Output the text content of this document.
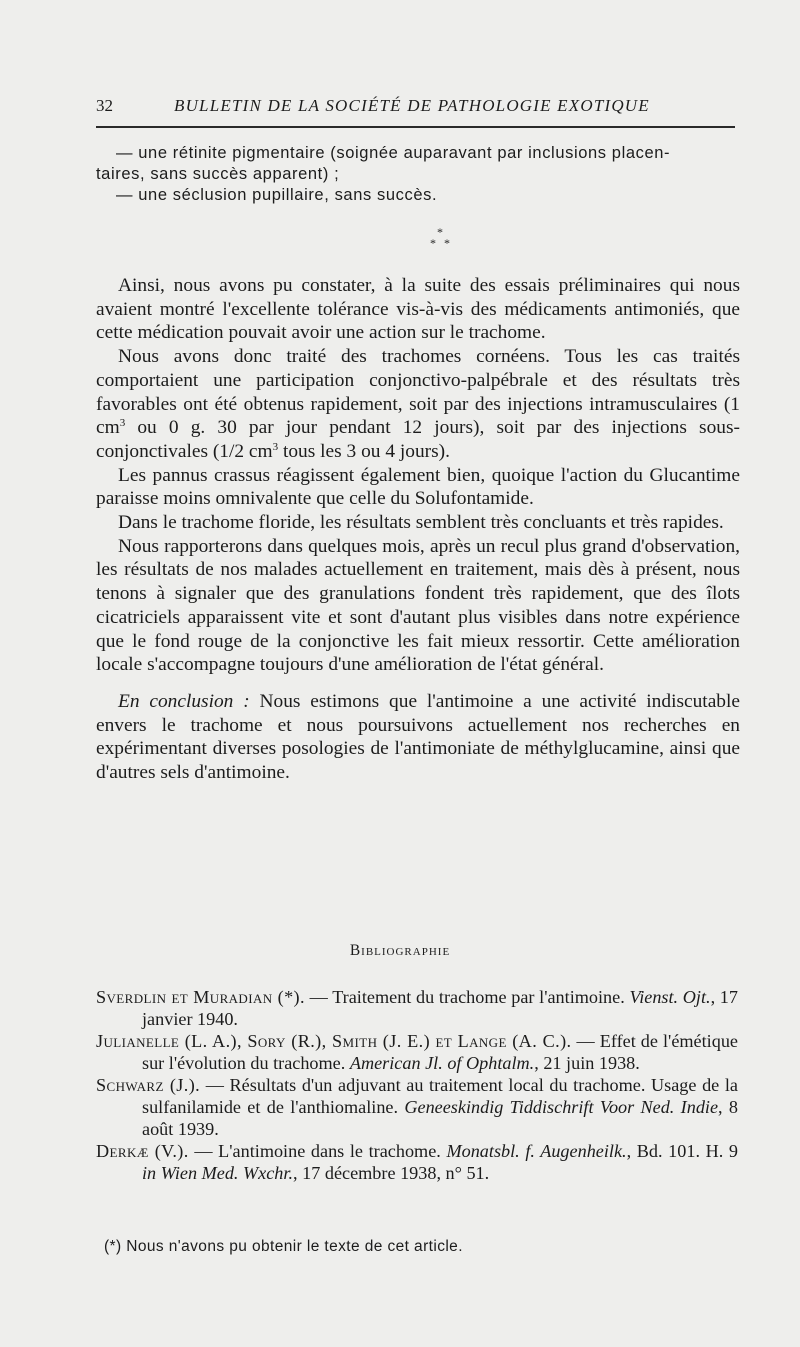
32	BULLETIN DE LA SOCIÉTÉ DE PATHOLOGIE EXOTIQUE

— une rétinite pigmentaire (soignée auparavant par inclusions placen-

taires, sans succès apparent) ;

— une séclusion pupillaire, sans succès.

*
* *

Ainsi, nous avons pu constater, à la suite des essais préliminaires qui nous avaient montré l'excellente tolérance vis-à-vis des médicaments antimoniés, que cette médication pouvait avoir une action sur le trachome.

Nous avons donc traité des trachomes cornéens. Tous les cas traités comportaient une participation conjonctivo-palpébrale et des résultats très favorables ont été obtenus rapidement, soit par des injections intramusculaires (1 $cm^3$ ou 0 g. 30 par jour pendant 12 jours), soit par des injections sous-conjonctivales (1/2 $cm^3$ tous les 3 ou 4 jours).

Les pannus crassus réagissent également bien, quoique l'action du Glucantime paraisse moins omnivalente que celle du Solufontamide.

Dans le trachome floride, les résultats semblent très concluants et très rapides.

Nous rapporterons dans quelques mois, après un recul plus grand d'observation, les résultats de nos malades actuellement en traitement, mais dès à présent, nous tenons à signaler que des granulations fondent très rapidement, que des îlots cicatriciels apparaissent vite et sont d'autant plus visibles dans notre expérience que le fond rouge de la conjonctive les fait mieux ressortir. Cette amélioration locale s'accompagne toujours d'une amélioration de l'état général.

En conclusion : Nous estimons que l'antimoine a une activité indiscutable envers le trachome et nous poursuivons actuellement nos recherches en expérimentant diverses posologies de l'antimoniate de méthylglucamine, ainsi que d'autres sels d'antimoine.

Bibliographie

Sverdlin et Muradian (*). — Traitement du trachome par l'antimoine. Vienst. Ojt., 17 janvier 1940.

Julianelle (L. A.), Sory (R.), Smith (J. E.) et Lange (A. C.). — Effet de l'émétique sur l'évolution du trachome. American Jl. of Ophtalm., 21 juin 1938.

Schwarz (J.). — Résultats d'un adjuvant au traitement local du trachome. Usage de la sulfanilamide et de l'anthiomaline. Geneeskindig Tiddischrift Voor Ned. Indie, 8 août 1939.

Derkæ (V.). — L'antimoine dans le trachome. Monatsbl. f. Augenheilk., Bd. 101. H. 9 in Wien Med. Wxchr., 17 décembre 1938, n° 51.

(*) Nous n'avons pu obtenir le texte de cet article.
